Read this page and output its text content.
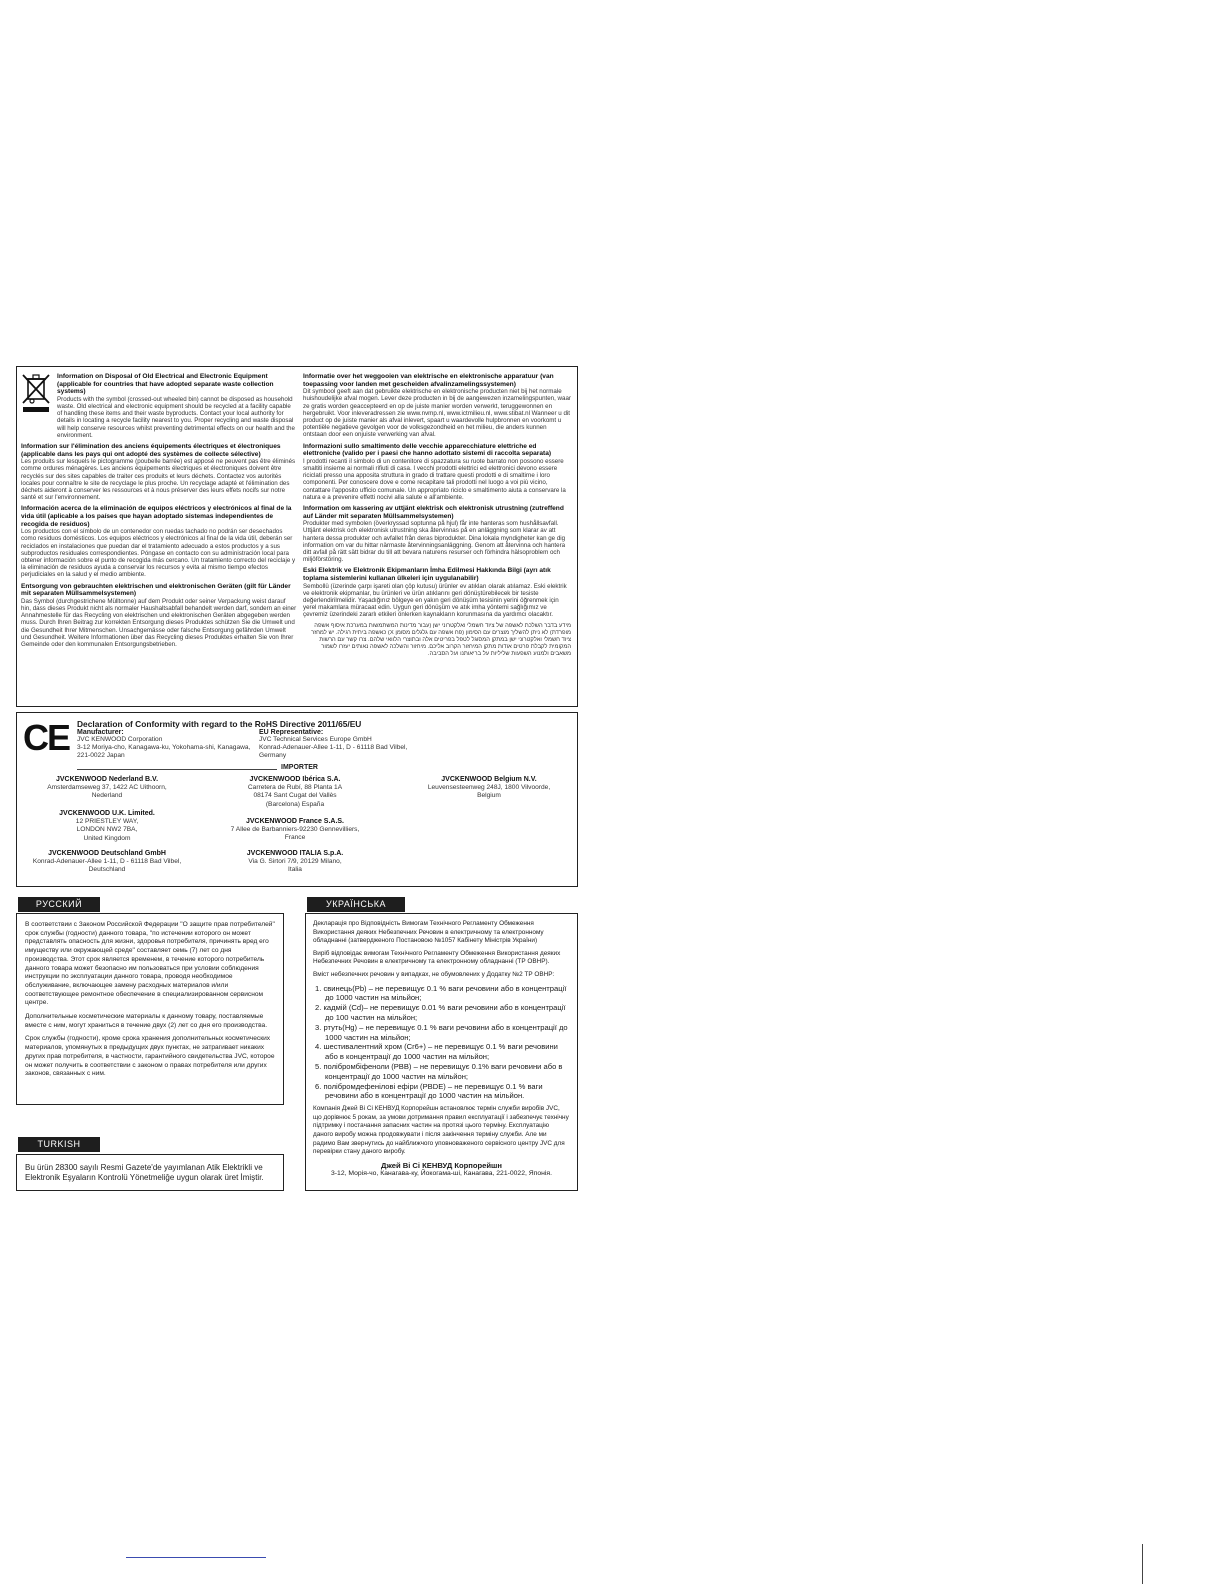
Information on Disposal of Old Electrical and Electronic Equipment (applicable for countries that have adopted separate waste collection systems)

Products with the symbol (crossed-out wheeled bin) cannot be disposed as household waste. Old electrical and electronic equipment should be recycled at a facility capable of handling these items and their waste byproducts. Contact your local authority for details in locating a recycle facility nearest to you. Proper recycling and waste disposal will help conserve resources whilst preventing detrimental effects on our health and the environment.

Information sur l'élimination des anciens équipements électriques et électroniques (applicable dans les pays qui ont adopté des systèmes de collecte sélective)

Les produits sur lesquels le pictogramme (poubelle barrée) est apposé ne peuvent pas être éliminés comme ordures ménagères. Les anciens équipements électriques et électroniques doivent être recyclés sur des sites capables de traiter ces produits et leurs déchets. Contactez vos autorités locales pour connaître le site de recyclage le plus proche. Un recyclage adapté et l'élimination des déchets aideront à conserver les ressources et à nous préserver des leurs effets nocifs sur notre santé et sur l'environnement.

Información acerca de la eliminación de equipos eléctricos y electrónicos al final de la vida útil (aplicable a los países que hayan adoptado sistemas independientes de recogida de residuos)

Los productos con el símbolo de un contenedor con ruedas tachado no podrán ser desechados como residuos domésticos. Los equipos eléctricos y electrónicos al final de la vida útil, deberán ser reciclados en instalaciones que puedan dar el tratamiento adecuado a estos productos y a sus subproductos residuales correspondientes. Póngase en contacto con su administración local para obtener información sobre el punto de recogida más cercano. Un tratamiento correcto del reciclaje y la eliminación de residuos ayuda a conservar los recursos y evita al mismo tiempo efectos perjudiciales en la salud y el medio ambiente.

Entsorgung von gebrauchten elektrischen und elektronischen Geräten (gilt für Länder mit separaten Müllsammelsystemen)

Das Symbol (durchgestrichene Mülltonne) auf dem Produkt oder seiner Verpackung weist darauf hin, dass dieses Produkt nicht als normaler Haushaltsabfall behandelt werden darf, sondern an einer Annahmestelle für das Recycling von elektrischen und elektronischen Geräten abgegeben werden muss. Durch Ihren Beitrag zur korrekten Entsorgung dieses Produktes schützen Sie die Umwelt und die Gesundheit Ihrer Mitmenschen. Unsachgemässe oder falsche Entsorgung gefährden Umwelt und Gesundheit. Weitere Informationen über das Recycling dieses Produktes erhalten Sie von Ihrer Gemeinde oder den kommunalen Entsorgungsbetrieben.

Informatie over het weggooien van elektrische en elektronische apparatuur (van toepassing voor landen met gescheiden afvalinzamelingssystemen)

Dit symbool geeft aan dat gebruikte elektrische en elektronische producten niet bij het normale huishoudelijke afval mogen. Lever deze producten in bij de aangewezen inzamelingspunten, waar ze gratis worden geaccepteerd en op de juiste manier worden verwerkt, teruggewonnen en hergebruikt. Voor inleveradressen zie www.nvmp.nl, www.ictmilieu.nl, www.stibat.nl Wanneer u dit product op de juiste manier als afval inlevert, spaart u waardevolle hulpbronnen en voorkomt u potentiële negatieve gevolgen voor de volksgezondheid en het milieu, die anders kunnen ontstaan door een onjuiste verwerking van afval.

Informazioni sullo smaltimento delle vecchie apparecchiature elettriche ed elettroniche (valido per i paesi che hanno adottato sistemi di raccolta separata)

I prodotti recanti il simbolo di un contenitore di spazzatura su ruote barrato non possono essere smaltiti insieme ai normali rifiuti di casa. I vecchi prodotti elettrici ed elettronici devono essere riciclati presso una apposita struttura in grado di trattare questi prodotti e di smaltirne i loro componenti. Per conoscere dove e come recapitare tali prodotti nel luogo a voi più vicino, contattare l'apposito ufficio comunale. Un appropriato riciclo e smaltimento aiuta a conservare la natura e a prevenire effetti nocivi alla salute e all'ambiente.

Information om kassering av uttjänt elektrisk och elektronisk utrustning (zutreffend auf Länder mit separaten Müllsammelsystemen)

Produkter med symbolen (överkryssad soptunna på hjul) får inte hanteras som hushållsavfall. Uttjänt elektrisk och elektronisk utrustning ska återvinnas på en anläggning som klarar av att hantera dessa produkter och avfallet från deras biprodukter. Dina lokala myndigheter kan ge dig information om var du hittar närmaste återvinningsanläggning. Genom att återvinna och hantera ditt avfall på rätt sätt bidrar du till att bevara naturens resurser och förhindra hälsoproblem och miljöförstöring.

Eski Elektrik ve Elektronik Ekipmanların İmha Edilmesi Hakkında Bilgi (ayrı atık toplama sistemlerini kullanan ülkeleri için uygulanabilir)

Sembollü (üzerinde çarpı işareti olan çöp kutusu) ürünler ev atıkları olarak atılamaz. Eski elektrik ve elektronik ekipmanlar, bu ürünleri ve ürün atıklarını geri dönüştürebilecek bir tesiste değerlendirilmelidir. Yaşadığınız bölgeye en yakın geri dönüşüm tesisinin yerini öğrenmek için yerel makamlara müracaat edin. Uygun geri dönüşüm ve atık imha yöntemi sağlığımız ve çevremiz üzerindeki zararlı etkileri önlerken kaynakların korunmasına da yardımcı olacaktır.

מידע בדבר השלכת לאשפה של ציוד חשמלי ואלקטרוני ישן (עבור מדינות המשתמשות במערכת איסוף אשפה מופרדת) לא ניתן להשליך מוצרים עם הסימון (פח אשפה עם גלגלים מסומן X) כאשפה ביתית רגילה. יש למחזר ציוד חשמלי ואלקטרוני ישן במתקן המסוגל לטפל בפריטים אלה ובתוצרי הלוואי שלהם. צרו קשר עם הרשות המקומית לקבלת פרטים אודות מתקן המיחזור הקרוב אליכם. מיחזור והשלכה לאשפה נאותים יעזרו לשמור משאבים ולמנוע השפעות שליליות על בריאותנו ועל הסביבה.

CE Declaration of Conformity with regard to the RoHS Directive 2011/65/EU
Manufacturer:
JVC KENWOOD Corporation
3-12 Moriya-cho, Kanagawa-ku, Yokohama-shi, Kanagawa,
221-0022 Japan
EU Representative:
JVC Technical Services Europe GmbH
Konrad-Adenauer-Allee 1-11, D - 61118 Bad Vilbel,
Germany
IMPORTER
JVCKENWOOD Nederland B.V.
Amsterdamseweg 37, 1422 AC Uithoorn,
Nederland
JVCKENWOOD U.K. Limited.
12 PRIESTLEY WAY,
LONDON NW2 7BA,
United Kingdom
JVCKENWOOD Deutschland GmbH
Konrad-Adenauer-Allee 1-11, D - 61118 Bad Vilbel,
Deutschland
JVCKENWOOD Ibérica S.A.
Carretera de Rubí, 88 Planta 1A
08174 Sant Cugat del Vallès
(Barcelona) España
JVCKENWOOD France S.A.S.
7 Allee de Barbanniers-92230 Gennevilliers,
France
JVCKENWOOD ITALIA S.p.A.
Via G. Sirtori 7/9, 20129 Milano,
Italia
JVCKENWOOD Belgium N.V.
Leuvensesteenweg 248J, 1800 Vilvoorde,
Belgium
РУССКИЙ

В соответствии с Законом Российской Федерации "О защите прав потребителей" срок службы (годности) данного товара, "по истечении которого он может представлять опасность для жизни, здоровья потребителя, причинять вред его имуществу или окружающей среде" составляет семь (7) лет со дня производства. Этот срок является временем, в течение которого потребитель данного товара может безопасно им пользоваться при условии соблюдения инструкции по эксплуатации данного товара, проводя необходимое обслуживание, включающее замену расходных материалов и/или соответствующее ремонтное обеспечение в специализированном сервисном центре.

Дополнительные косметические материалы к данному товару, поставляемые вместе с ним, могут храниться в течение двух (2) лет со дня его производства.

Срок службы (годности), кроме срока хранения дополнительных косметических материалов, упомянутых в предыдущих двух пунктах, не затрагивает никаких других прав потребителя, в частности, гарантийного свидетельства JVC, которое он может получить в соответствии с законом о правах потребителя или других законов, связанных с ним.

УКРАЇНСЬКА

Декларація про Відповідність Вимогам Технічного Регламенту Обмеження Використання деяких Небезпечних Речовин в електричному та електронному обладнанні (затвердженого Постановою №1057 Кабінету Міністрів України)

Виріб відповідає вимогам Технічного Регламенту Обмеження Використання деяких Небезпечних Речовин в електричному та електронному обладнанні (ТР ОВНР).

Вміст небезпечних речовин у випадках, не обумовлених у Додатку №2 ТР ОВНР:

1. свинець(Pb) – не перевищує 0.1 % ваги речовини або в концентрації до 1000 частин на мільйон;
2. кадмій (Cd)– не перевищує 0.01 % ваги речовини або в концентрації до 100 частин на мільйон;
3. ртуть(Hg) – не перевищує 0.1 % ваги речовини або в концентрації до 1000 частин на мільйон;
4. шестивалентний хром (Cr6+) – не перевищує 0.1 % ваги речовини або в концентрації до 1000 частин на мільйон;
5. полібромбіфеноли (PBB) – не перевищує 0.1% ваги речовини або в концентрації до 1000 частин на мільйон;
6. полібромдефенілові ефіри (PBDE) – не перевищує 0.1 % ваги речовини або в концентрації до 1000 частин на мільйон.

Компанія Джей Ві Сі КЕНВУД Корпорейшн встановлює термін служби виробів JVC, що дорівнює 5 рокам, за умови дотримання правил експлуатації і забезпечує технічну підтримку і постачання запасних частин на протязі цього терміну. Експлуатацію даного виробу можна продовжувати і після закінчення терміну служби. Але ми радимо Вам звернутись до найближчого уповноваженого сервісного центру JVC для перевірки стану даного виробу.

Джей Ві Сі КЕНВУД Корпорейшн
3-12, Морія-чо, Канагава-ку, Йокогама-ші, Канагава, 221-0022, Японія.
TURKISH

Bu ürün 28300 sayılı Resmi Gazete'de yayımlanan Atik Elektrikli ve Elektronik Eşyaların Kontrolü Yönetmeliğe uygun olarak üret İmiştir.
